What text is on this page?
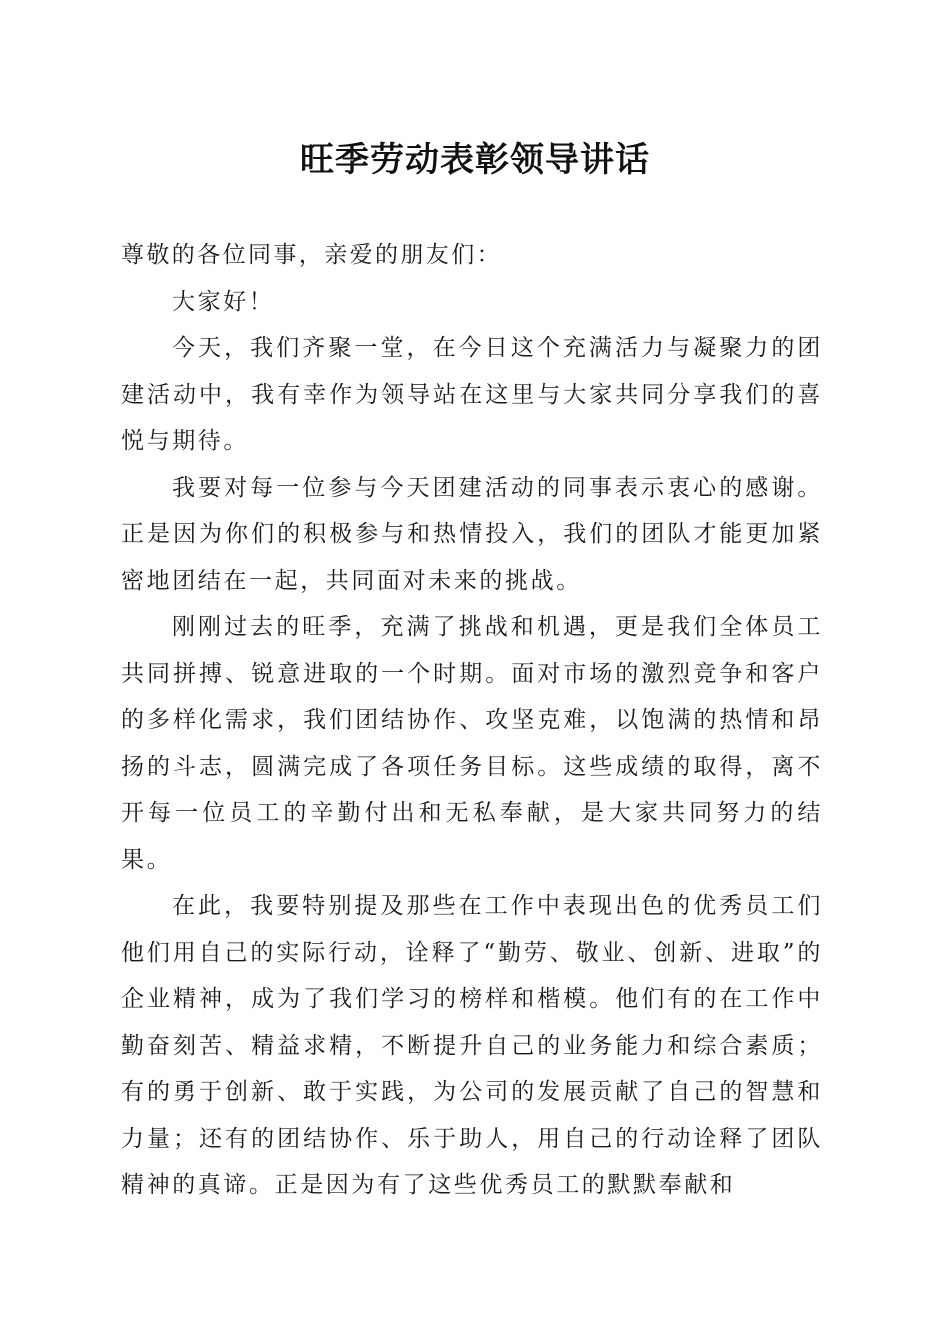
旺季劳动表彰领导讲话

尊敬的各位同事，亲爱的朋友们：

大家好！

今天，我们齐聚一堂，在今日这个充满活力与凝聚力的团建活动中，我有幸作为领导站在这里与大家共同分享我们的喜悦与期待。

我要对每一位参与今天团建活动的同事表示衷心的感谢。正是因为你们的积极参与和热情投入，我们的团队才能更加紧密地团结在一起，共同面对未来的挑战。

刚刚过去的旺季，充满了挑战和机遇，更是我们全体员工共同拼搏、锐意进取的一个时期。面对市场的激烈竞争和客户的多样化需求，我们团结协作、攻坚克难，以饱满的热情和昂扬的斗志，圆满完成了各项任务目标。这些成绩的取得，离不开每一位员工的辛勤付出和无私奉献，是大家共同努力的结果。

在此，我要特别提及那些在工作中表现出色的优秀员工们他们用自己的实际行动，诠释了“勤劳、敬业、创新、进取”的企业精神，成为了我们学习的榜样和楷模。他们有的在工作中勤奋刻苦、精益求精，不断提升自己的业务能力和综合素质；有的勇于创新、敢于实践，为公司的发展贡献了自己的智慧和力量；还有的团结协作、乐于助人，用自己的行动诠释了团队精神的真谛。正是因为有了这些优秀员工的默默奉献和
